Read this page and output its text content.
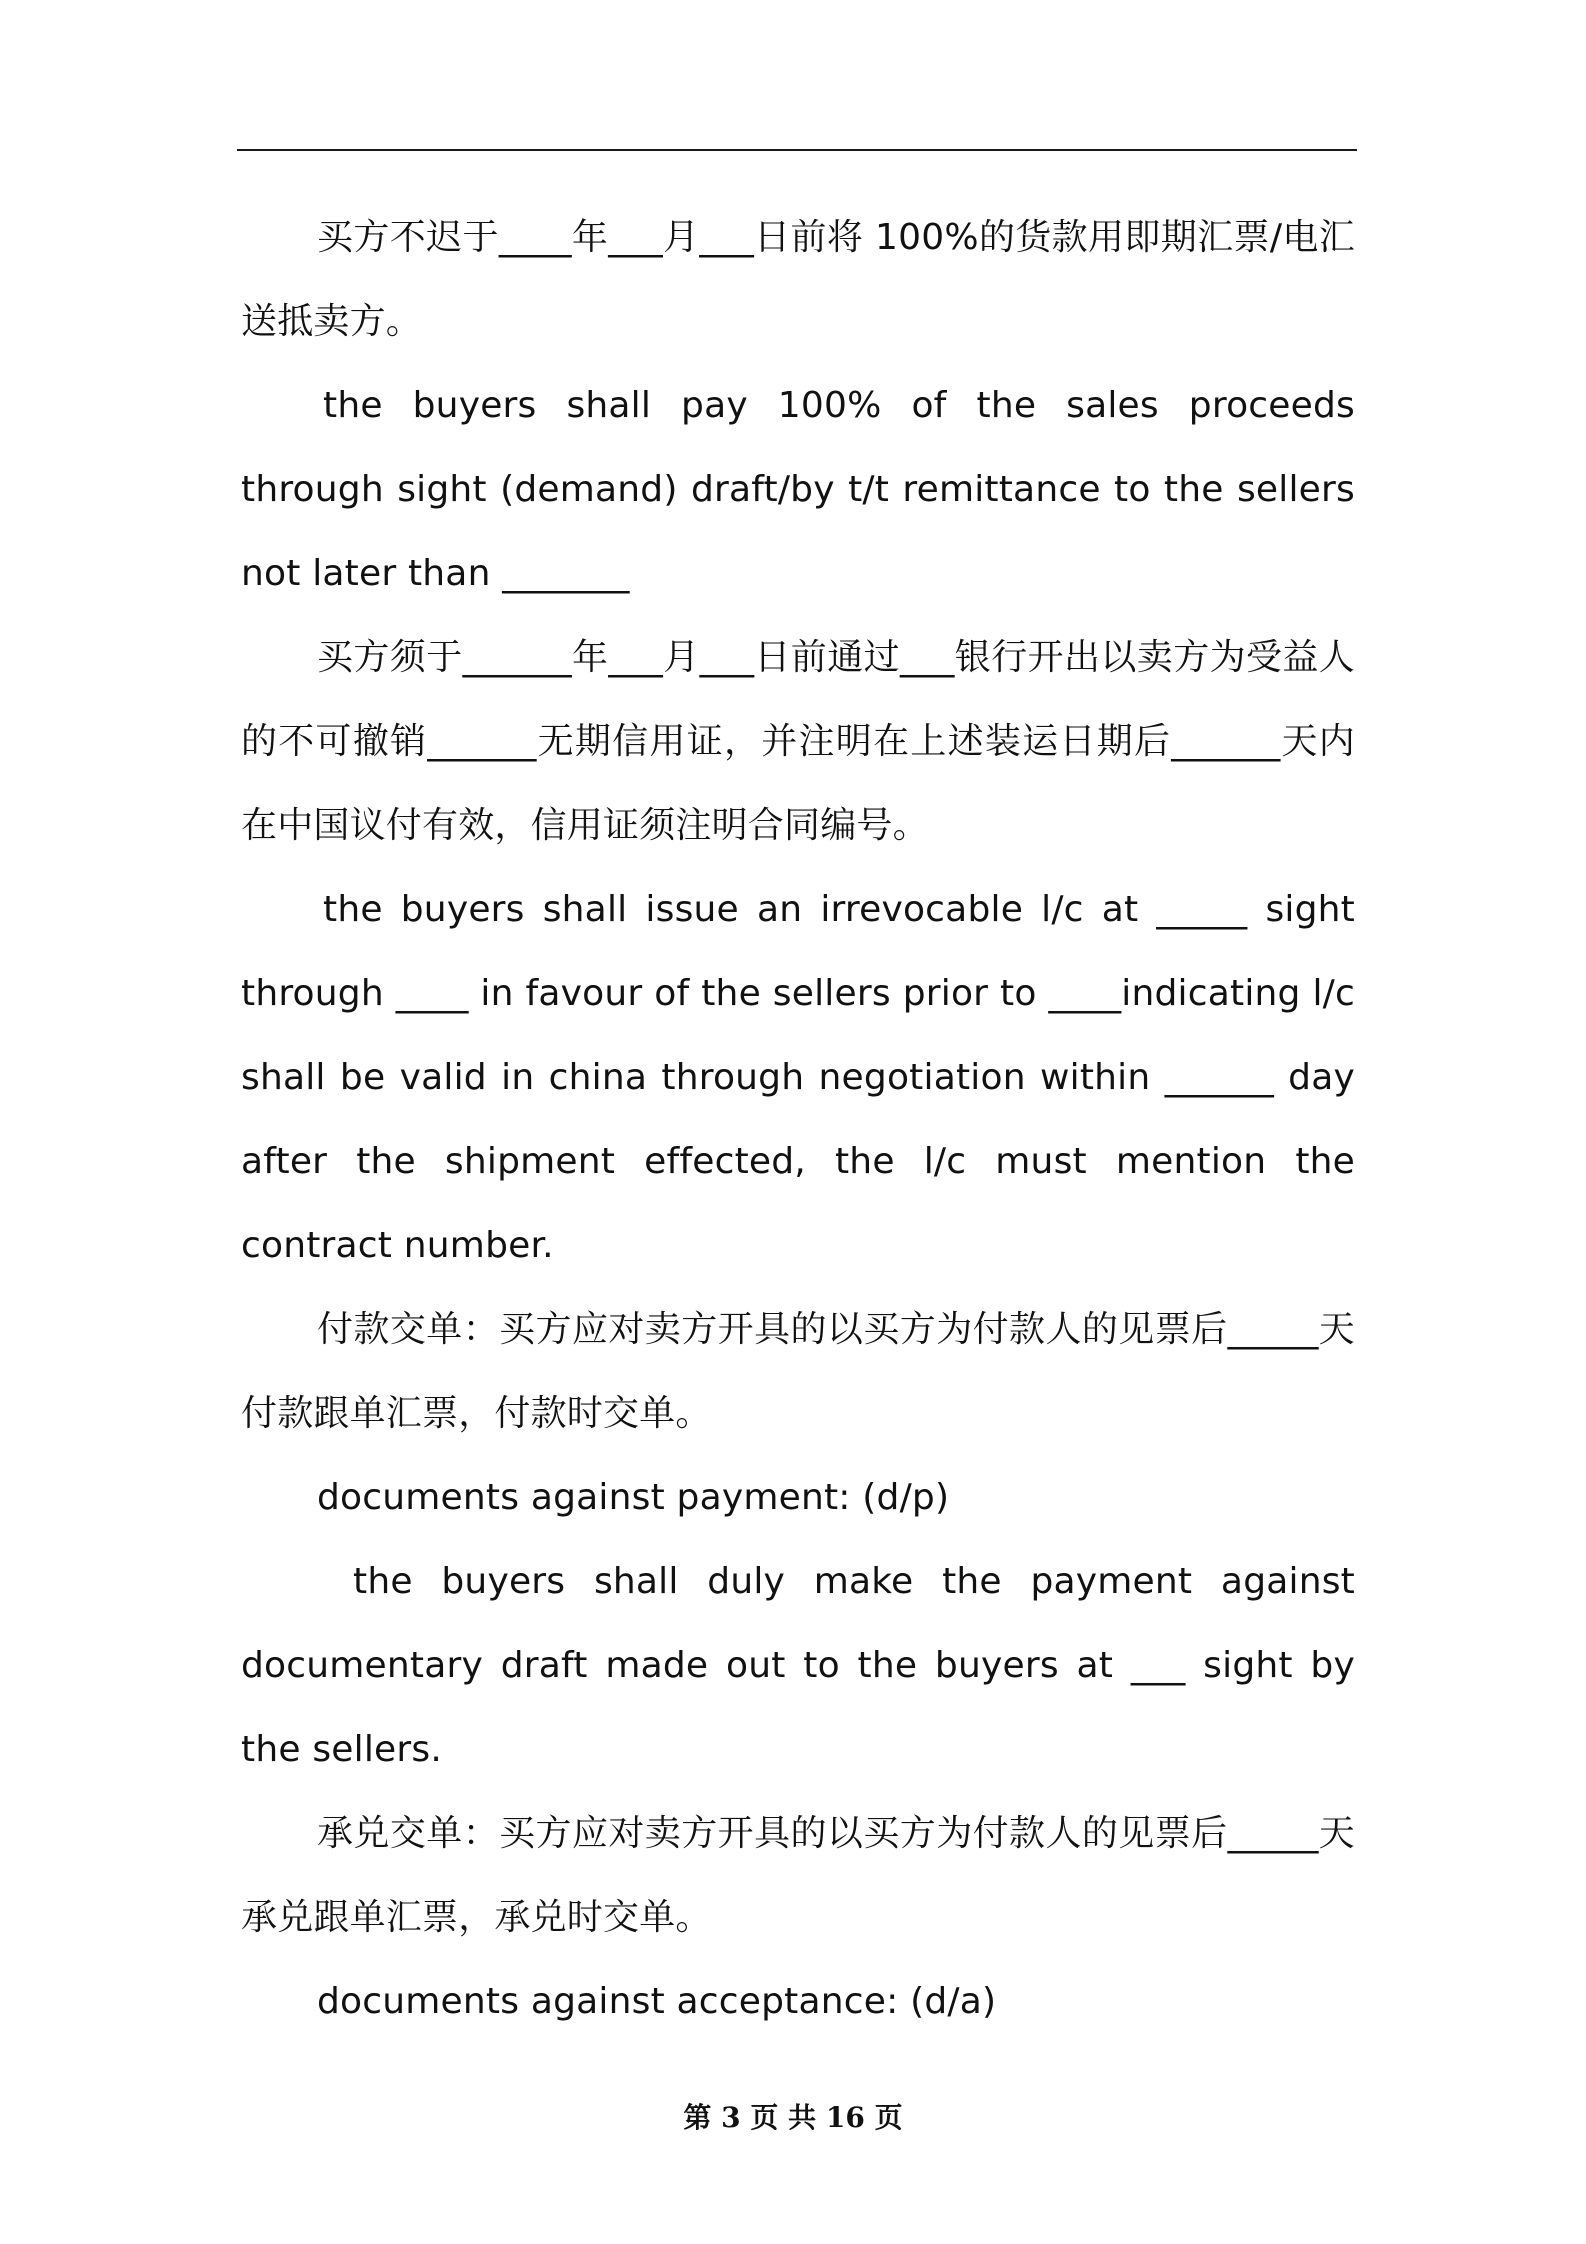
买方不迟于____年___月___日前将 100%的货款用即期汇票/电汇送抵卖方。

the buyers shall pay 100% of the sales proceeds through sight (demand) draft/by t/t remittance to the sellers not later than _______

买方须于______年___月___日前通过___银行开出以卖方为受益人的不可撤销______无期信用证，并注明在上述装运日期后______天内在中国议付有效，信用证须注明合同编号。

the buyers shall issue an irrevocable l/c at _____ sight through ____ in favour of the sellers prior to ____indicating l/c shall be valid in china through negotiation within ______ day after the shipment effected, the l/c must mention the contract number.

付款交单：买方应对卖方开具的以买方为付款人的见票后_____天付款跟单汇票，付款时交单。

documents against payment: (d/p)

the buyers shall duly make the payment against documentary draft made out to the buyers at ___ sight by the sellers.

承兑交单：买方应对卖方开具的以买方为付款人的见票后_____天承兑跟单汇票，承兑时交单。

documents against acceptance: (d/a)

第 3 页 共 16 页
